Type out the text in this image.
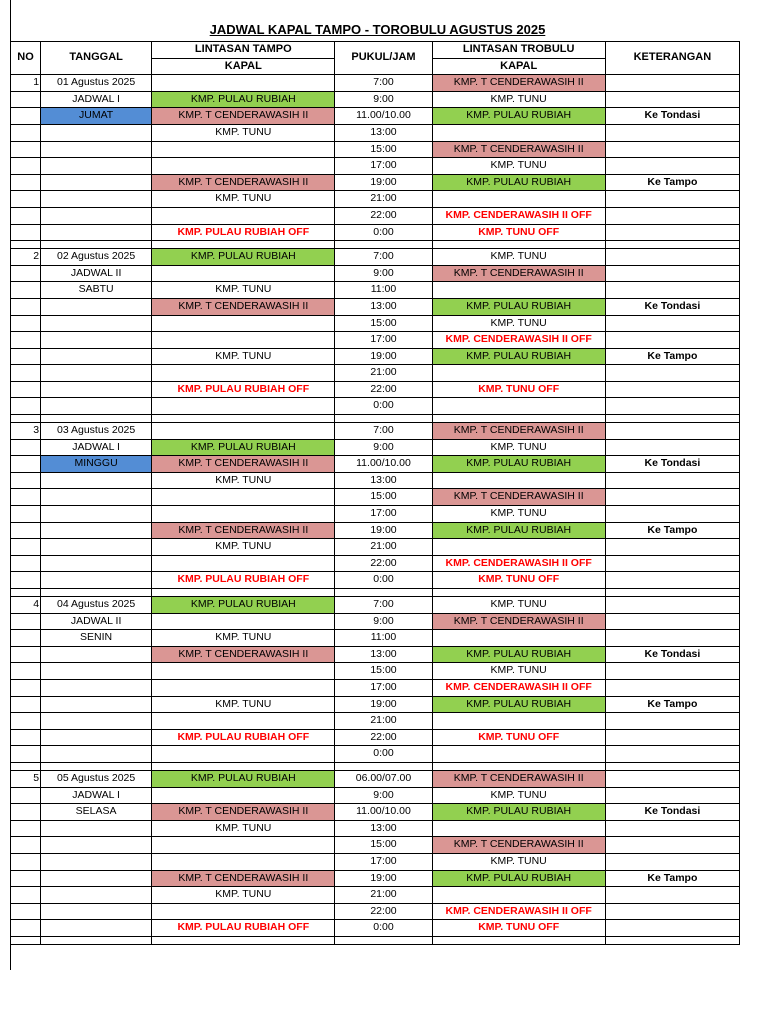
JADWAL KAPAL TAMPO - TOROBULU AGUSTUS 2025
NO	TANGGAL	LINTASAN TAMPO	PUKUL/JAM	LINTASAN TROBULU	KETERANGAN
		KAPAL		KAPAL	
1	01 Agustus 2025		7:00	KMP. T CENDERAWASIH II	
	JADWAL I	KMP. PULAU RUBIAH	9:00	KMP. TUNU	
	JUMAT	KMP. T CENDERAWASIH II	11.00/10.00	KMP. PULAU RUBIAH	Ke Tondasi
		KMP. TUNU	13:00		
			15:00	KMP. T CENDERAWASIH II	
			17:00	KMP. TUNU	
		KMP. T CENDERAWASIH II	19:00	KMP. PULAU RUBIAH	Ke Tampo
		KMP. TUNU	21:00		
			22:00	KMP. CENDERAWASIH II OFF	
		KMP. PULAU RUBIAH OFF	0:00	KMP. TUNU OFF	

2	02 Agustus 2025	KMP. PULAU RUBIAH	7:00	KMP. TUNU	
	JADWAL II		9:00	KMP. T CENDERAWASIH II	
	SABTU	KMP. TUNU	11:00		
		KMP. T CENDERAWASIH II	13:00	KMP. PULAU RUBIAH	Ke Tondasi
			15:00	KMP. TUNU	
			17:00	KMP. CENDERAWASIH II OFF	
		KMP. TUNU	19:00	KMP. PULAU RUBIAH	Ke Tampo
			21:00		
		KMP. PULAU RUBIAH OFF	22:00	KMP. TUNU OFF	
			0:00		

3	03 Agustus 2025		7:00	KMP. T CENDERAWASIH II	
	JADWAL I	KMP. PULAU RUBIAH	9:00	KMP. TUNU	
	MINGGU	KMP. T CENDERAWASIH II	11.00/10.00	KMP. PULAU RUBIAH	Ke Tondasi
		KMP. TUNU	13:00		
			15:00	KMP. T CENDERAWASIH II	
			17:00	KMP. TUNU	
		KMP. T CENDERAWASIH II	19:00	KMP. PULAU RUBIAH	Ke Tampo
		KMP. TUNU	21:00		
			22:00	KMP. CENDERAWASIH II OFF	
		KMP. PULAU RUBIAH OFF	0:00	KMP. TUNU OFF	

4	04 Agustus 2025	KMP. PULAU RUBIAH	7:00	KMP. TUNU	
	JADWAL II		9:00	KMP. T CENDERAWASIH II	
	SENIN	KMP. TUNU	11:00		
		KMP. T CENDERAWASIH II	13:00	KMP. PULAU RUBIAH	Ke Tondasi
			15:00	KMP. TUNU	
			17:00	KMP. CENDERAWASIH II OFF	
		KMP. TUNU	19:00	KMP. PULAU RUBIAH	Ke Tampo
			21:00		
		KMP. PULAU RUBIAH OFF	22:00	KMP. TUNU OFF	
			0:00		

5	05 Agustus 2025	KMP. PULAU RUBIAH	06.00/07.00	KMP. T CENDERAWASIH II	
	JADWAL I		9:00	KMP. TUNU	
	SELASA	KMP. T CENDERAWASIH II	11.00/10.00	KMP. PULAU RUBIAH	Ke Tondasi
		KMP. TUNU	13:00		
			15:00	KMP. T CENDERAWASIH II	
			17:00	KMP. TUNU	
		KMP. T CENDERAWASIH II	19:00	KMP. PULAU RUBIAH	Ke Tampo
		KMP. TUNU	21:00		
			22:00	KMP. CENDERAWASIH II OFF	
		KMP. PULAU RUBIAH OFF	0:00	KMP. TUNU OFF	
